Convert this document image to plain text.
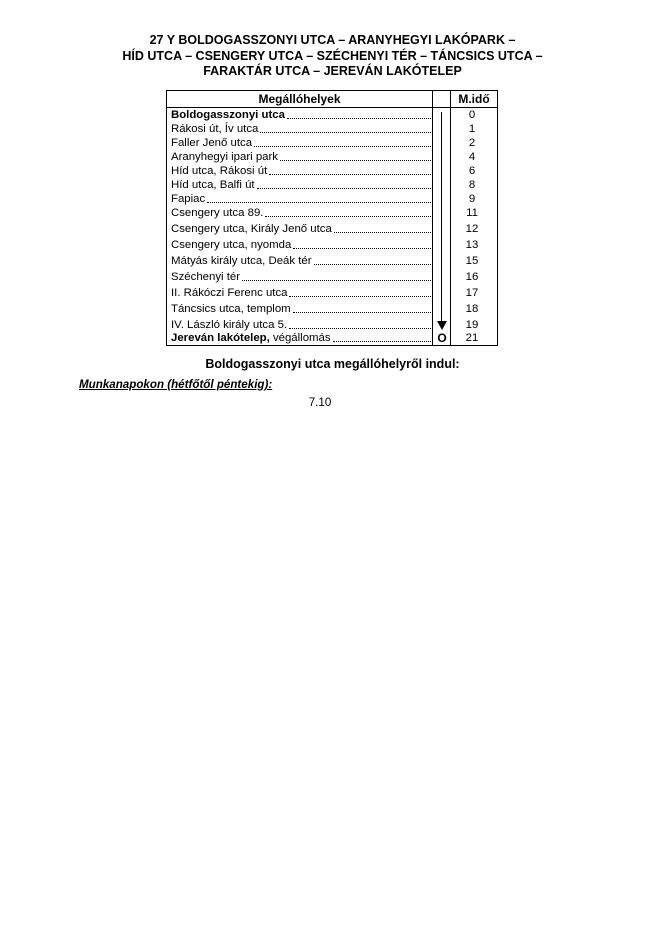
27 Y BOLDOGASSZONYI UTCA – ARANYHEGYI LAKÓPARK –
HÍD UTCA – CSENGERY UTCA – SZÉCHENYI TÉR – TÁNCSICS UTCA –
FARAKTÁR UTCA – JEREVÁN LAKÓTELEP
Megállóhelyek	M.idő
Boldogasszonyi utca	0
Rákosi út, Ív utca	1
Faller Jenő utca	2
Aranyhegyi ipari park	4
Híd utca, Rákosi út	6
Híd utca, Balfi út	8
Fapiac	9
Csengery utca 89.	11
Csengery utca, Király Jenő utca	12
Csengery utca, nyomda	13
Mátyás király utca, Deák tér	15
Széchenyi tér	16
II. Rákóczi Ferenc utca	17
Táncsics utca, templom	18
IV. László király utca 5.	19
Jereván lakótelep, végállomás	21
O
Boldogasszonyi utca megállóhelyről indul:
Munkanapokon (hétfőtől péntekig):
7.10
